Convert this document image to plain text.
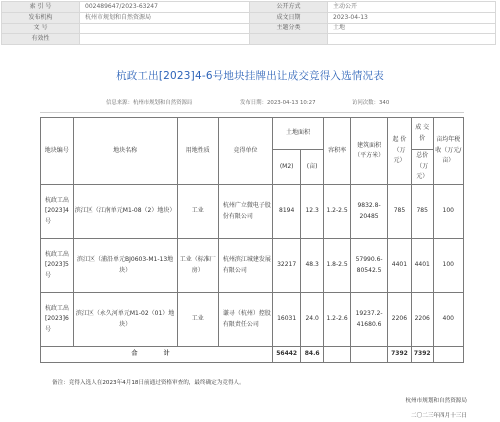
索 引 号	002489647/2023-63247	公开方式	主动公开
发布机构	杭州市规划和自然资源局	成文日期	2023-04-13
文 号		主题分类	土地
有效性			
杭政工出[2023]4-6号地块挂牌出让成交竞得入选情况表
信息来源：杭州市规划和自然资源局	发布日期：2023-04-13 10:27	访问次数：340
地块编号	地块名称	用地性质	竞得单位	土地面积		容积率	建筑面积（平方米）	起 价（万元）	成 交 价	亩均年税收（万元/亩）
				(M2)	(亩)				总价（万元）	
杭政工出[2023]4号	滨江区（江南单元M1-08（2）地块）	工业	杭州广立微电子股份有限公司	8194	12.3	1.2-2.5	9832.8-20485	785	785	100
杭政工出[2023]5号	滨江区（浦沿单元BJ0603-M1-13地块）	工业（标准厂房）	杭州滨江城建发展有限公司	32217	48.3	1.8-2.5	57990.6-80542.5	4401	4401	100
杭政工出[2023]6号	滨江区（永久河单元M1-02（01）地块）	工业	谦寻（杭州）控股有限责任公司	16031	24.0	1.2-2.6	19237.2-41680.6	2206	2206	400
合 计				56442	84.6			7392	7392	
备注：竞得入选人在2023年4月18日前通过资格审查的，最终确定为竞得人。
杭州市规划和自然资源局
二〇二三年四月十三日
